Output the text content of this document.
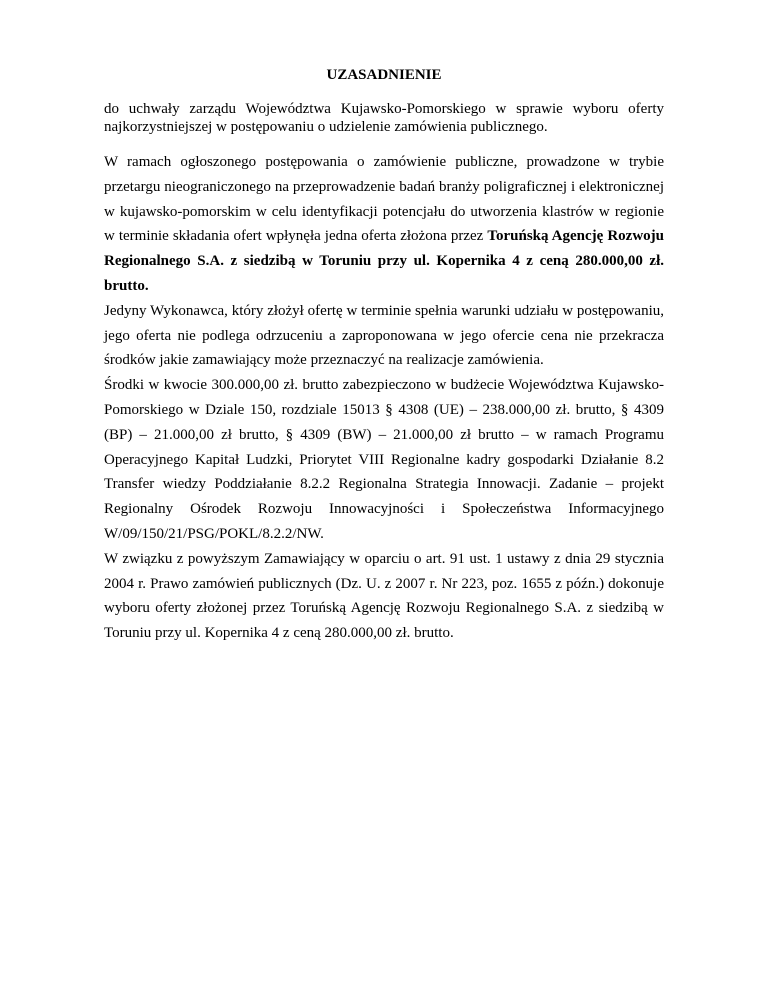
UZASADNIENIE

do uchwały zarządu Województwa Kujawsko-Pomorskiego w sprawie wyboru oferty najkorzystniejszej w postępowaniu o udzielenie zamówienia publicznego.

W ramach ogłoszonego postępowania o zamówienie publiczne, prowadzone w trybie przetargu nieograniczonego na przeprowadzenie badań branży poligraficznej i elektronicznej w kujawsko-pomorskim w celu identyfikacji potencjału do utworzenia klastrów w regionie w terminie składania ofert wpłynęła jedna oferta złożona przez Toruńską Agencję Rozwoju Regionalnego S.A. z siedzibą w Toruniu przy ul. Kopernika 4 z ceną 280.000,00 zł. brutto.

Jedyny Wykonawca, który złożył ofertę w terminie spełnia warunki udziału w postępowaniu, jego oferta nie podlega odrzuceniu a zaproponowana w jego ofercie cena nie przekracza środków jakie zamawiający może przeznaczyć na realizacje zamówienia.

Środki w kwocie 300.000,00 zł. brutto zabezpieczono w budżecie Województwa Kujawsko-Pomorskiego w Dziale 150, rozdziale 15013 § 4308 (UE) – 238.000,00 zł. brutto, § 4309 (BP) – 21.000,00 zł brutto, § 4309 (BW) – 21.000,00 zł brutto – w ramach Programu Operacyjnego Kapitał Ludzki, Priorytet VIII Regionalne kadry gospodarki Działanie 8.2 Transfer wiedzy Poddziałanie 8.2.2 Regionalna Strategia Innowacji. Zadanie – projekt Regionalny Ośrodek Rozwoju Innowacyjności i Społeczeństwa Informacyjnego W/09/150/21/PSG/POKL/8.2.2/NW.

W związku z powyższym Zamawiający w oparciu o art. 91 ust. 1 ustawy z dnia 29 stycznia 2004 r. Prawo zamówień publicznych (Dz. U. z 2007 r. Nr 223, poz. 1655 z późn.) dokonuje wyboru oferty złożonej przez Toruńską Agencję Rozwoju Regionalnego S.A. z siedzibą w Toruniu przy ul. Kopernika 4 z ceną 280.000,00 zł. brutto.
